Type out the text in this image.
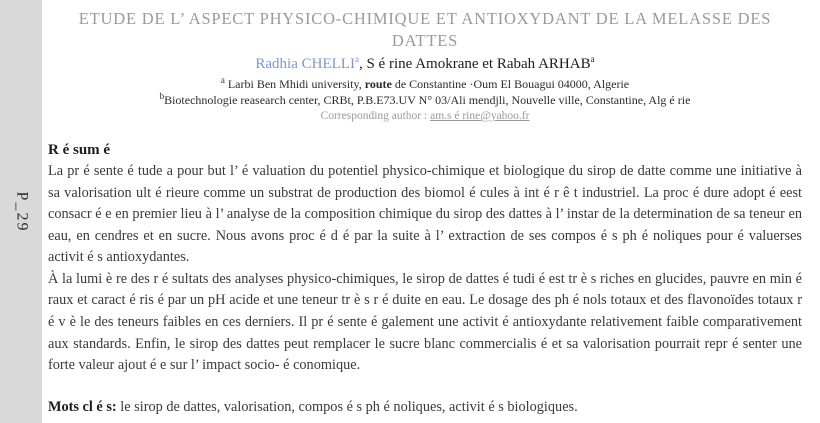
P_29
ETUDE DE L’ ASPECT PHYSICO-CHIMIQUE ET ANTIOXYDANT DE LA MELASSE DES DATTES
Radhia CHELLI$^a$, S é rine Amokrane et Rabah ARHAB$^a$
$^a$ Larbi Ben Mhidi university, route de Constantine ·Oum El Bouagui 04000, Algerie
$^b$Biotechnologie reasearch center, CRBt, P.B.E73.UV N° 03/Ali mendjli, Nouvelle ville, Constantine, Alg é rie
Corresponding author : am.s é rine@yahoo.fr
R é sum é

La pr é sente é tude a pour but l’ é valuation du potentiel physico-chimique et biologique du sirop de datte comme une initiative à sa valorisation ult é rieure comme un substrat de production des biomol é cules à int é r ê t industriel. La proc é dure adopt é eest consacr é e en premier lieu à l’ analyse de la composition chimique du sirop des dattes à l’ instar de la determination de sa teneur en eau, en cendres et en sucre. Nous avons proc é d é par la suite à l’ extraction de ses compos é s ph é noliques pour é valuerses activit é s antioxydantes.

À la lumi è re des r é sultats des analyses physico-chimiques, le sirop de dattes é tudi é est tr è s riches en glucides, pauvre en min é raux et caract é ris é par un pH acide et une teneur tr è s r é duite en eau. Le dosage des ph é nols totaux et des flavonoïdes totaux r é v è le des teneurs faibles en ces derniers. Il pr é sente é galement une activit é antioxydante relativement faible comparativement aux standards. Enfin, le sirop des dattes peut remplacer le sucre blanc commercialis é et sa valorisation pourrait repr é senter une forte valeur ajout é e sur l’ impact socio- é conomique.

Mots cl é s: le sirop de dattes, valorisation, compos é s ph é noliques, activit é s biologiques.
